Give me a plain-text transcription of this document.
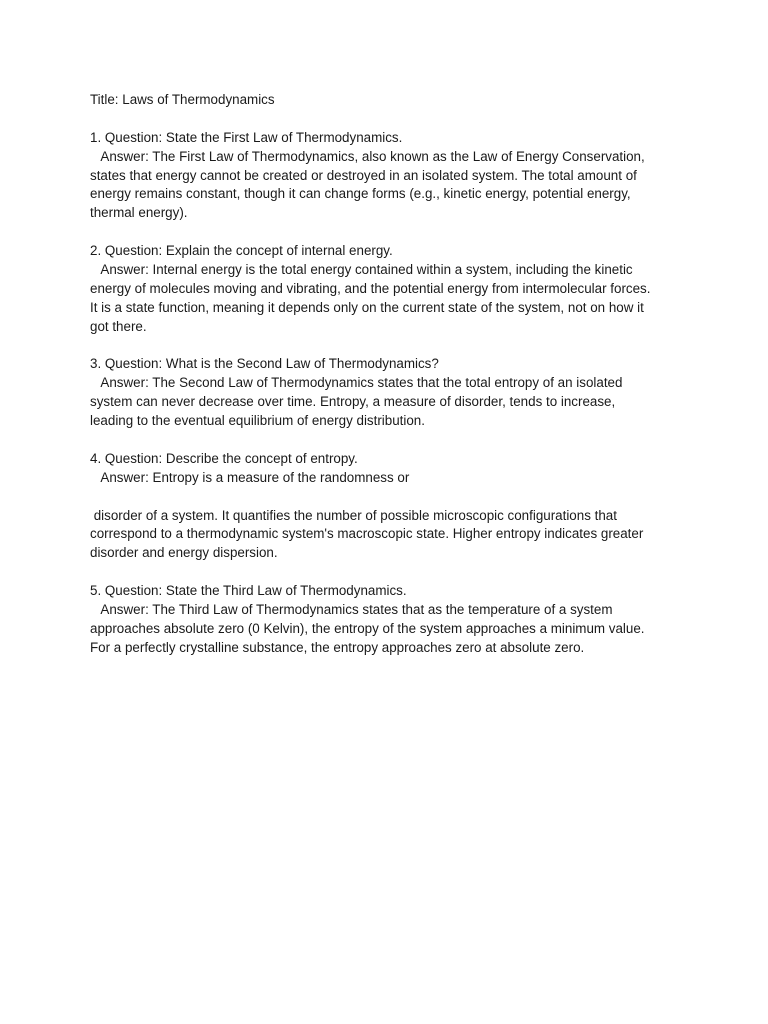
Title: Laws of Thermodynamics
1. Question: State the First Law of Thermodynamics.
Answer: The First Law of Thermodynamics, also known as the Law of Energy Conservation,
states that energy cannot be created or destroyed in an isolated system. The total amount of
energy remains constant, though it can change forms (e.g., kinetic energy, potential energy,
thermal energy).
2. Question: Explain the concept of internal energy.
Answer: Internal energy is the total energy contained within a system, including the kinetic
energy of molecules moving and vibrating, and the potential energy from intermolecular forces.
It is a state function, meaning it depends only on the current state of the system, not on how it
got there.
3. Question: What is the Second Law of Thermodynamics?
Answer: The Second Law of Thermodynamics states that the total entropy of an isolated
system can never decrease over time. Entropy, a measure of disorder, tends to increase,
leading to the eventual equilibrium of energy distribution.
4. Question: Describe the concept of entropy.
Answer: Entropy is a measure of the randomness or
disorder of a system. It quantifies the number of possible microscopic configurations that
correspond to a thermodynamic system's macroscopic state. Higher entropy indicates greater
disorder and energy dispersion.
5. Question: State the Third Law of Thermodynamics.
Answer: The Third Law of Thermodynamics states that as the temperature of a system
approaches absolute zero (0 Kelvin), the entropy of the system approaches a minimum value.
For a perfectly crystalline substance, the entropy approaches zero at absolute zero.
